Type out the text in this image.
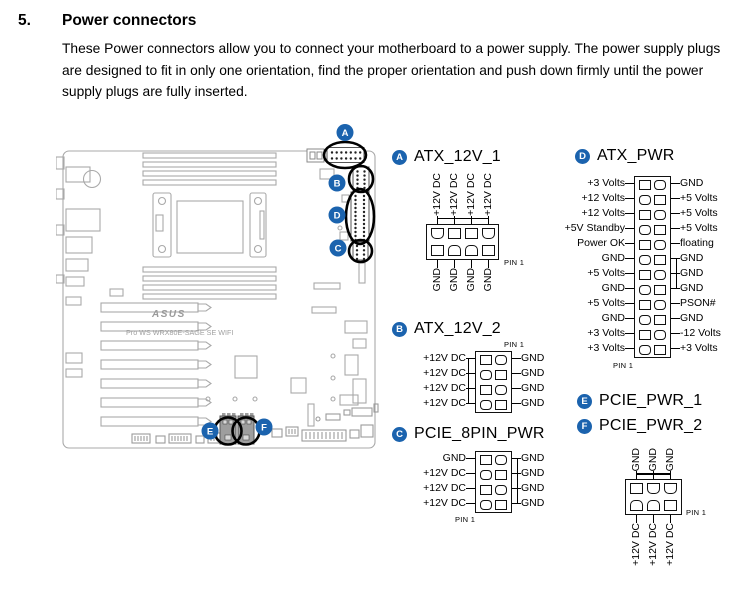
5. Power connectors
These Power connectors allow you to connect your motherboard to a power supply. The power supply plugs are designed to fit in only one orientation, find the proper orientation and push down firmly until the power supply plugs are fully inserted.
ASUS
Pro WS WRX80E-SAGE SE WIFI
A
B
D
C
E	F
A ATX_12V_1
+12V DC +12V DC +12V DC +12V DC
GND GND GND GND
PIN 1
B ATX_12V_2
+12V DC
+12V DC
+12V DC
+12V DC
GND
GND
GND
GND
PIN 1
C PCIE_8PIN_PWR
GND
+12V DC
+12V DC
+12V DC
GND
GND
GND
GND
PIN 1
D ATX_PWR
+3 Volts
+12 Volts
+12 Volts
+5V Standby
Power OK
GND
+5 Volts
GND
+5 Volts
GND
+3 Volts
+3 Volts
GND
+5 Volts
+5 Volts
+5 Volts
floating
GND
GND
GND
PSON#
GND
-12 Volts
+3 Volts
PIN 1
E PCIE_PWR_1
F PCIE_PWR_2
GND GND GND
+12V DC +12V DC +12V DC
PIN 1
